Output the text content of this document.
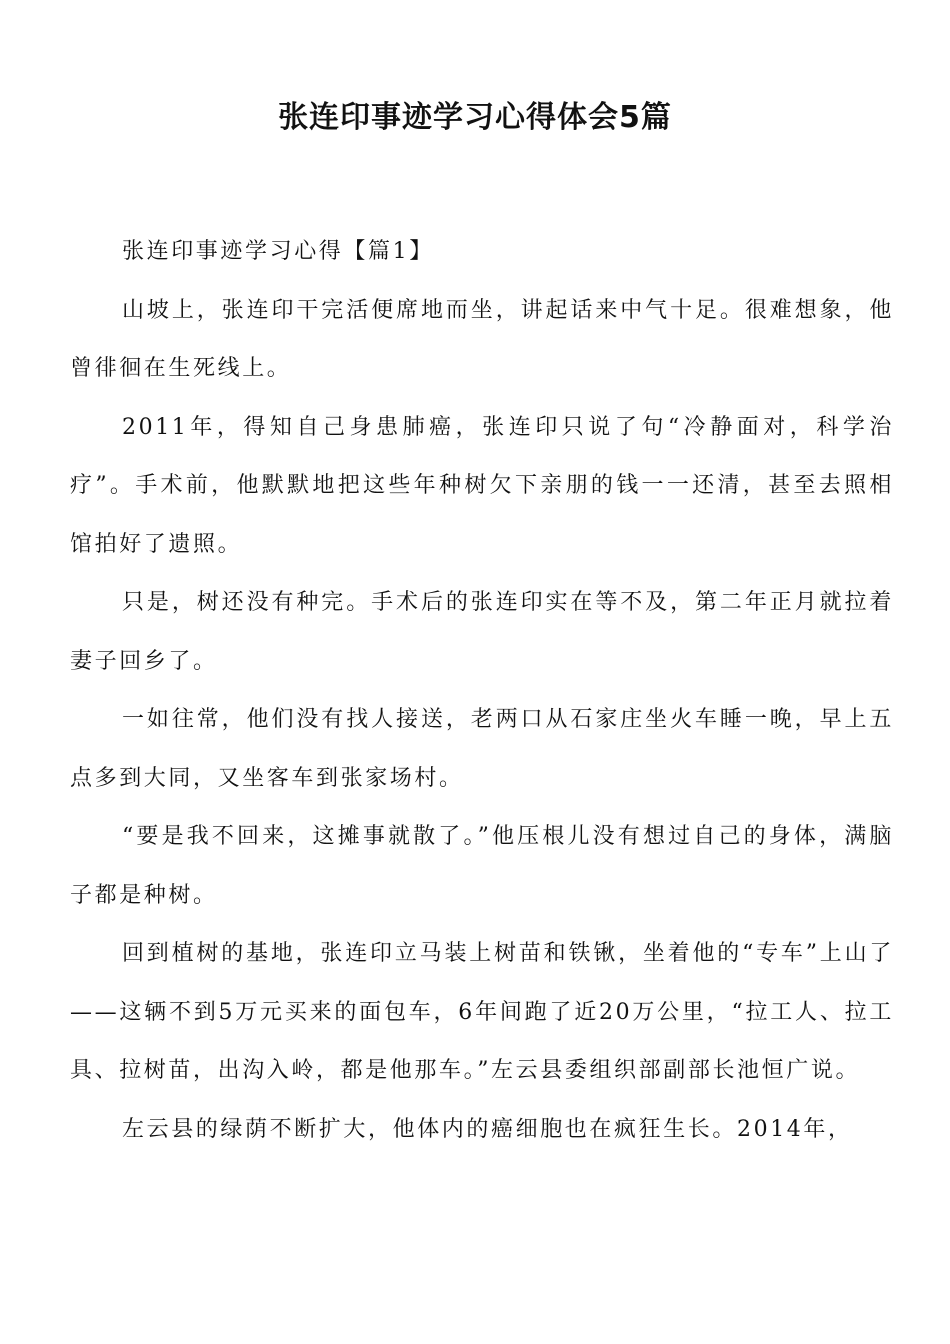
张连印事迹学习心得体会5篇

张连印事迹学习心得【篇1】

山坡上，张连印干完活便席地而坐，讲起话来中气十足。很难想象，他曾徘徊在生死线上。

2011年，得知自己身患肺癌，张连印只说了句“冷静面对，科学治疗”。手术前，他默默地把这些年种树欠下亲朋的钱一一还清，甚至去照相馆拍好了遗照。

只是，树还没有种完。手术后的张连印实在等不及，第二年正月就拉着妻子回乡了。

一如往常，他们没有找人接送，老两口从石家庄坐火车睡一晚，早上五点多到大同，又坐客车到张家场村。

“要是我不回来，这摊事就散了。”他压根儿没有想过自己的身体，满脑子都是种树。

回到植树的基地，张连印立马装上树苗和铁锹，坐着他的“专车”上山了——这辆不到5万元买来的面包车，6年间跑了近20万公里，“拉工人、拉工具、拉树苗，出沟入岭，都是他那车。”左云县委组织部副部长池恒广说。

左云县的绿荫不断扩大，他体内的癌细胞也在疯狂生长。2014年，
